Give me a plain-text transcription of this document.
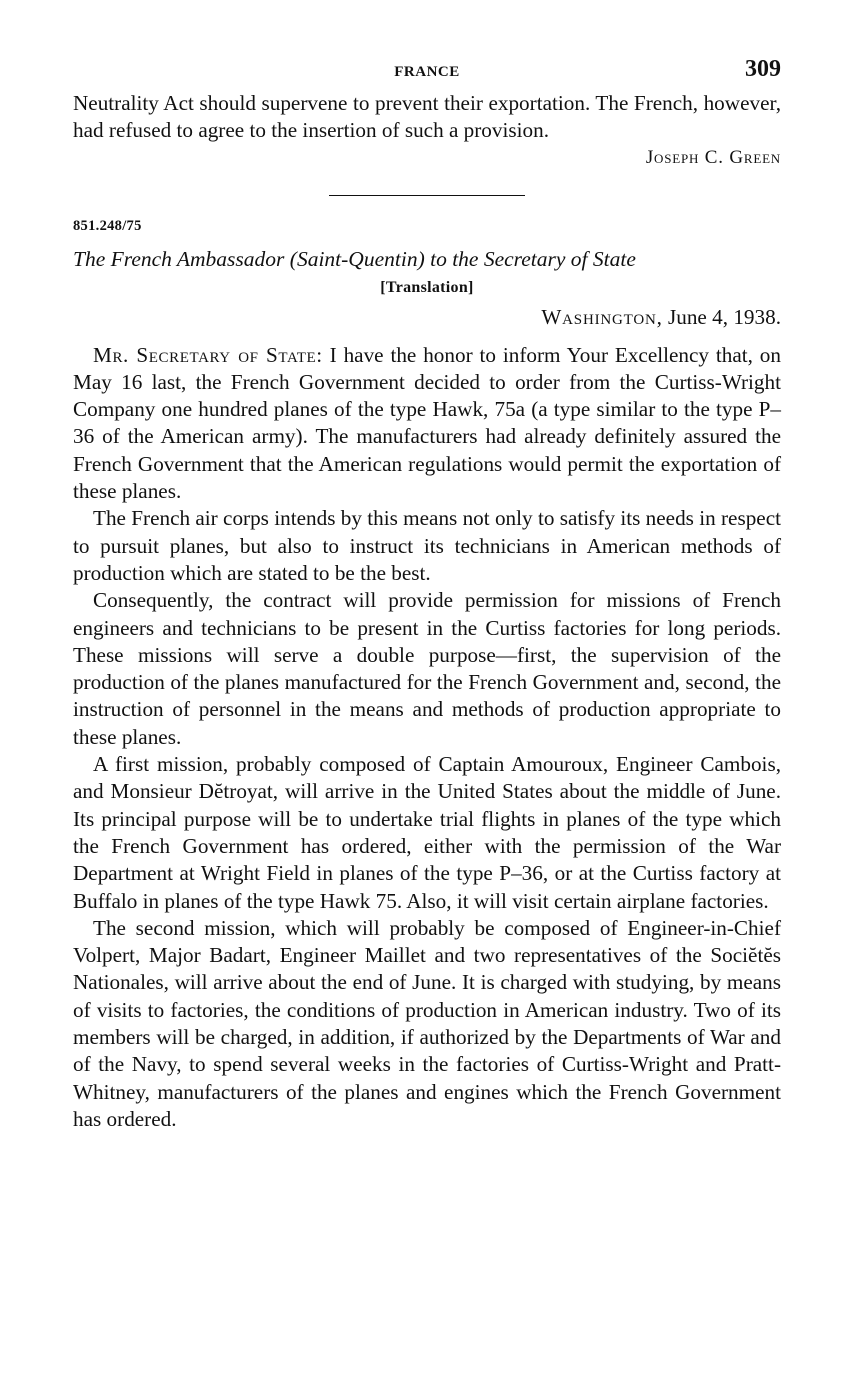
FRANCE	309

Neutrality Act should supervene to prevent their exportation. The French, however, had refused to agree to the insertion of such a provision.

Joseph C. Green
851.248/75
The French Ambassador (Saint-Quentin) to the Secretary of State
[Translation]
Washington, June 4, 1938.

Mr. Secretary of State: I have the honor to inform Your Excellency that, on May 16 last, the French Government decided to order from the Curtiss-Wright Company one hundred planes of the type Hawk, 75a (a type similar to the type P–36 of the American army). The manufacturers had already definitely assured the French Government that the American regulations would permit the exportation of these planes.

The French air corps intends by this means not only to satisfy its needs in respect to pursuit planes, but also to instruct its technicians in American methods of production which are stated to be the best.

Consequently, the contract will provide permission for missions of French engineers and technicians to be present in the Curtiss factories for long periods. These missions will serve a double purpose—first, the supervision of the production of the planes manufactured for the French Government and, second, the instruction of personnel in the means and methods of production appropriate to these planes.

A first mission, probably composed of Captain Amouroux, Engineer Cambois, and Monsieur Dĕtroyat, will arrive in the United States about the middle of June. Its principal purpose will be to undertake trial flights in planes of the type which the French Government has ordered, either with the permission of the War Department at Wright Field in planes of the type P–36, or at the Curtiss factory at Buffalo in planes of the type Hawk 75. Also, it will visit certain airplane factories.

The second mission, which will probably be composed of Engineer-in-Chief Volpert, Major Badart, Engineer Maillet and two representatives of the Sociĕtĕs Nationales, will arrive about the end of June. It is charged with studying, by means of visits to factories, the conditions of production in American industry. Two of its members will be charged, in addition, if authorized by the Departments of War and of the Navy, to spend several weeks in the factories of Curtiss-Wright and Pratt-Whitney, manufacturers of the planes and engines which the French Government has ordered.
